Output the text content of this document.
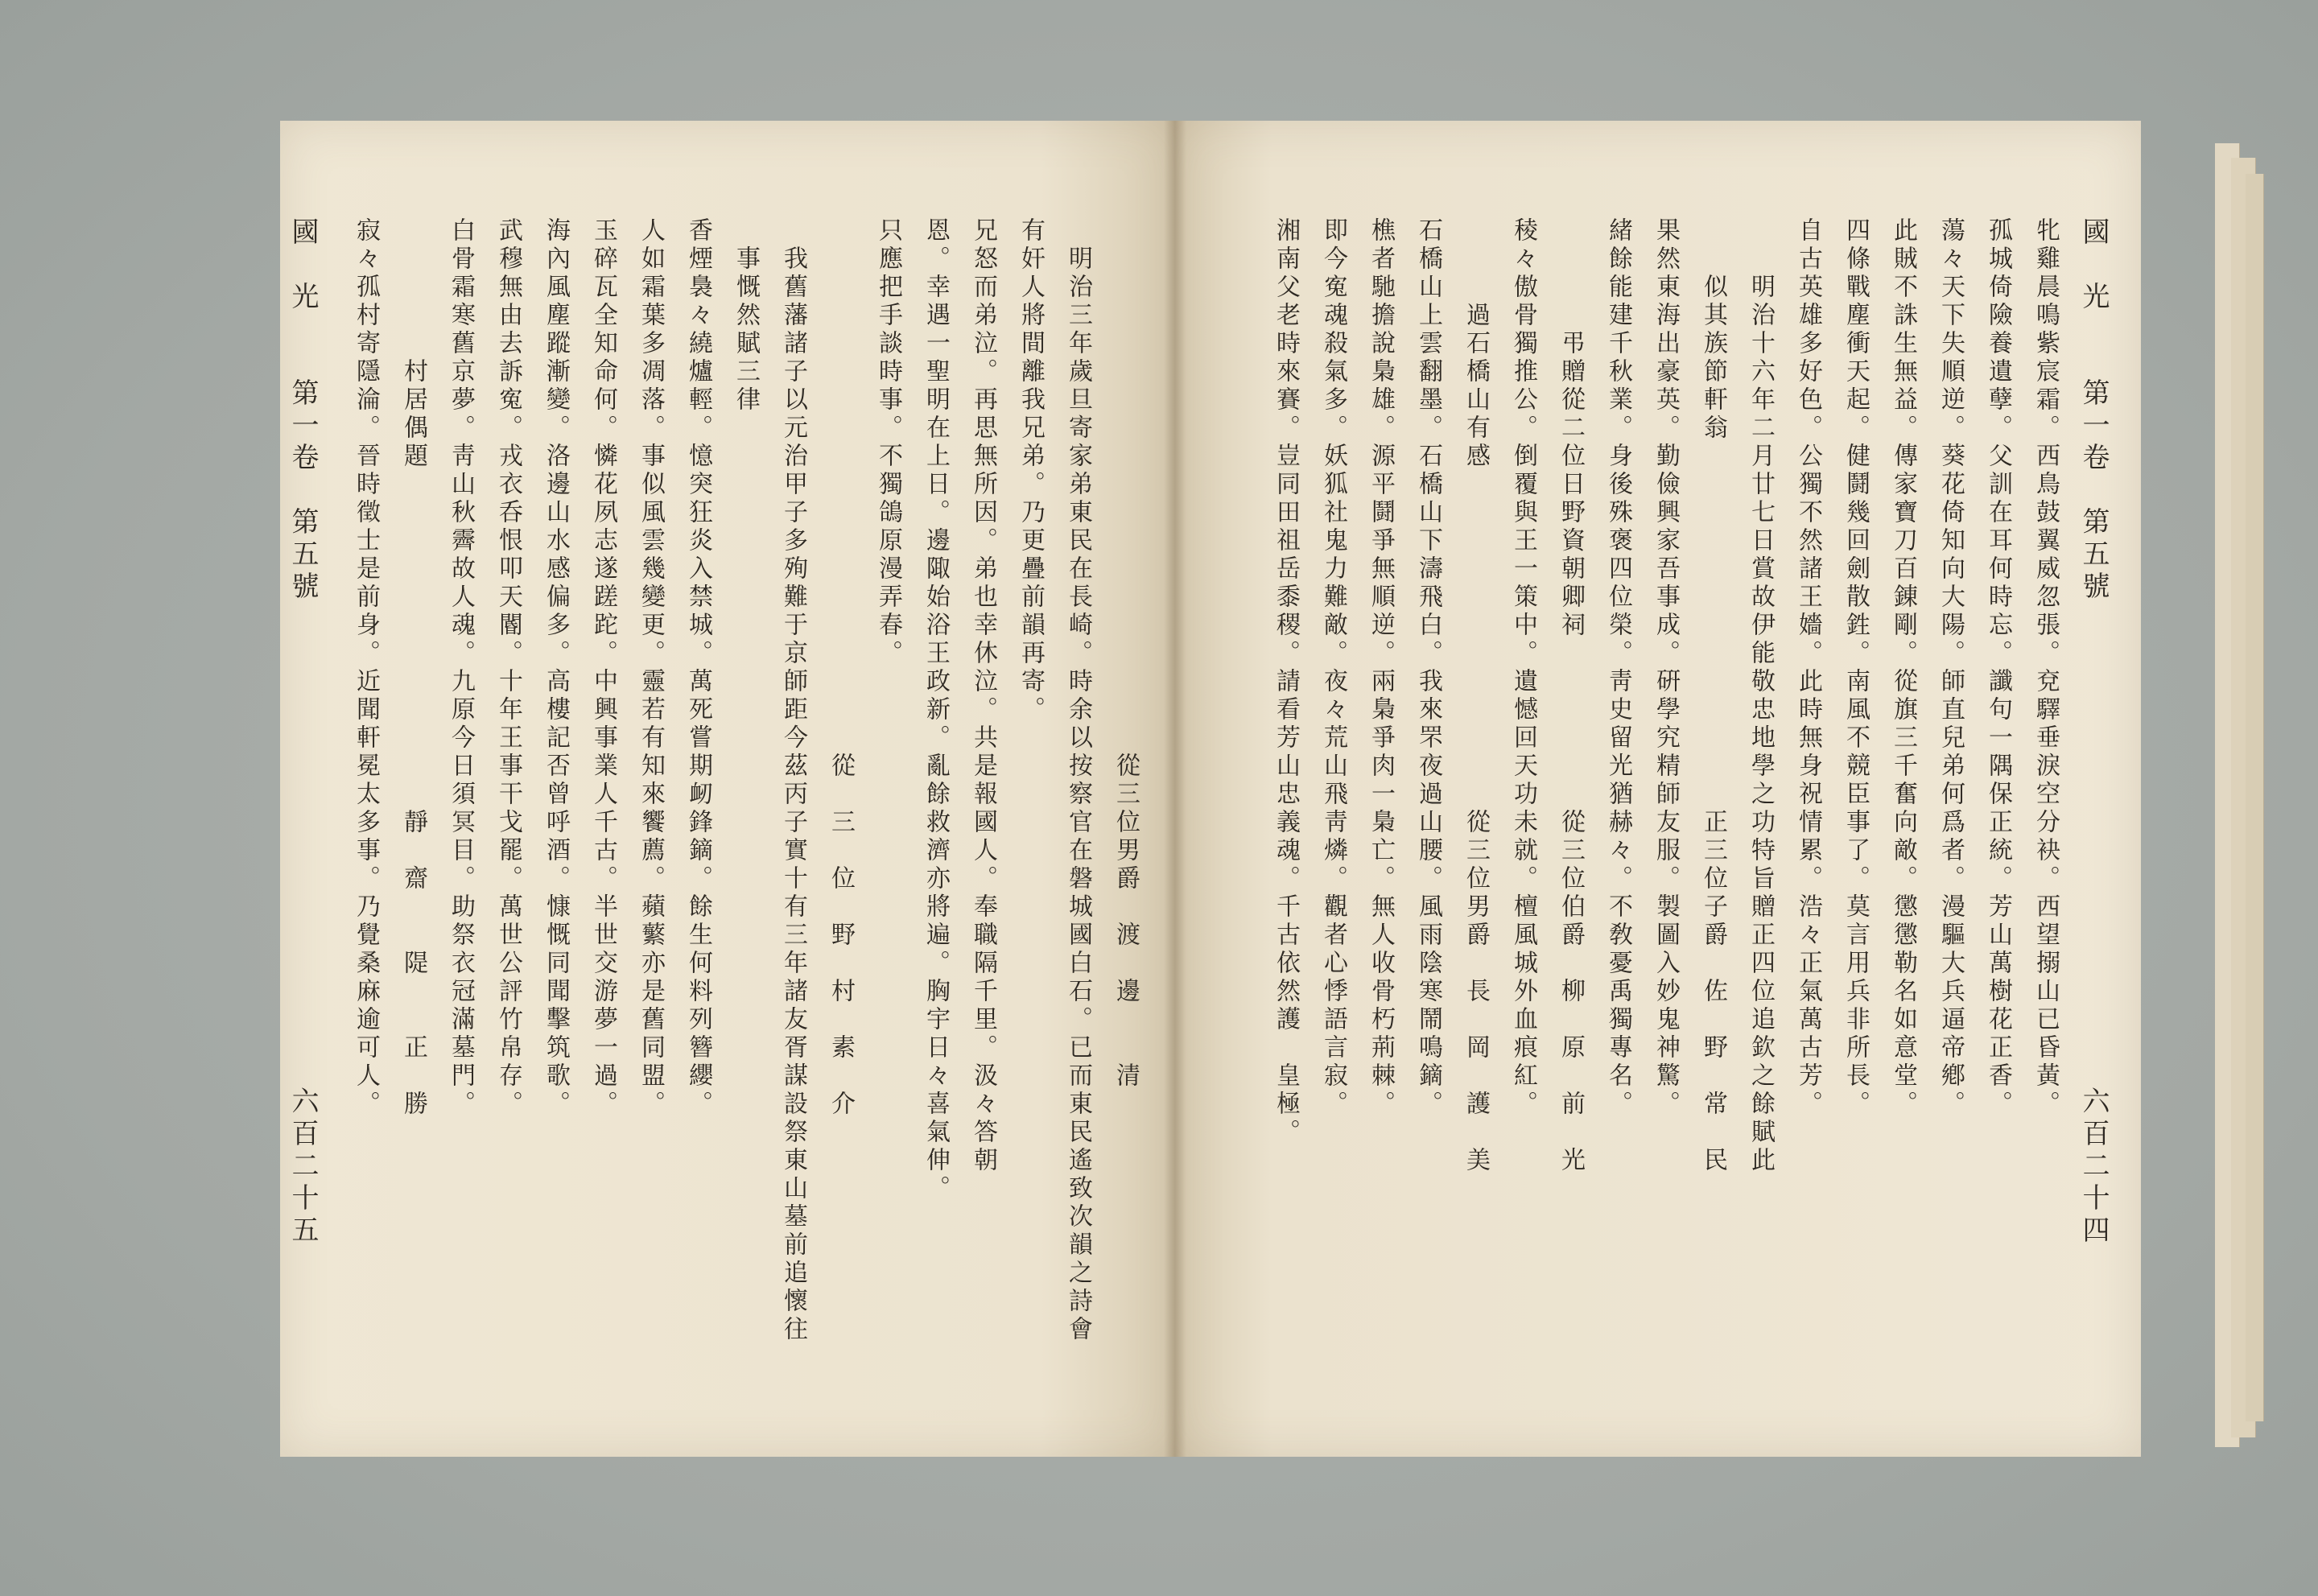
　　　　　　　　　　　　　　　　　　　從三位男爵　渡　邊　　清
　明治三年歲旦寄家弟東民在長崎。時余以按察官在磐城國白石。已而東民遙致次韻之詩會
有奸人將間離我兄弟。乃更疊前韻再寄。
兄怒而弟泣。再思無所因。弟也幸休泣。共是報國人。奉職隔千里。汲々答朝
恩。幸遇一聖明在上日。邊陬始浴王政新。亂餘救濟亦將遍。胸宇日々喜氣伸。
只應把手談時事。不獨鴿原漫弄春。
　　　　　　　　　　　　　　　　　　　從　三　位　野　村　素　介
　我舊藩諸子以元治甲子多殉難于京師距今茲丙子實十有三年諸友胥謀設祭東山墓前追懷往
　事慨然賦三律
香煙裊々繞爐輕。憶突狂炎入禁城。萬死嘗期衂鋒鏑。餘生何料列簪纓。
人如霜葉多凋落。事似風雲幾變更。靈若有知來饗薦。蘋蘩亦是舊同盟。
玉碎瓦全知命何。憐花夙志遂蹉跎。中興事業人千古。半世交游夢一過。
海內風塵蹤漸變。洛邊山水感偏多。高樓記否曾呼酒。慷慨同聞擊筑歌。
武穆無由去訴寃。戎衣呑恨叩天閽。十年王事干戈罷。萬世公評竹帛存。
白骨霜寒舊京夢。靑山秋霽故人魂。九原今日須冥目。助祭衣冠滿墓門。
　　　　　村居偶題　　　　　　　　　　　　靜　齋　　隄　　正　勝
寂々孤村寄隱淪。晉時徵士是前身。近聞軒冕太多事。乃覺桑麻逾可人。
國　光　　第一卷　第五號　　　　　　　　　　　　　　　六百二十五	國　光　　第一卷　第五號　　　　　　　　　　　　　　　六百二十四
牝雞晨鳴紫宸霜。西鳥鼓翼威忽張。兗驛垂淚空分袂。西望搦山已昏黃。
孤城倚險養遺孽。父訓在耳何時忘。讖句一隅保正統。芳山萬樹花正香。
蕩々天下失順逆。葵花倚知向大陽。師直兒弟何爲者。漫驅大兵逼帝鄕。
此賊不誅生無益。傳家寶刀百錬剛。從旗三千奮向敵。懲懲勒名如意堂。
四條戰塵衝天起。健鬪幾回劍散鉎。南風不競臣事了。莫言用兵非所長。
自古英雄多好色。公獨不然諸王嬙。此時無身祝情累。浩々正氣萬古芳。
　　明治十六年二月廿七日賞故伊能敬忠地學之功特旨贈正四位追欽之餘賦此
　　似其族節軒翁　　　　　　　　　　　　　正三位子爵　佐　野　常　民
果然東海出豪英。勤儉興家吾事成。硏學究精師友服。製圖入妙鬼神驚。
緒餘能建千秋業。身後殊褒四位榮。靑史留光猶赫々。不敎憂禹獨專名。
　　　　弔贈從二位日野資朝卿祠　　　　　　從三位伯爵　柳　原　前　光
稜々傲骨獨推公。倒覆與王一策中。遺憾回天功未就。檀風城外血痕紅。
　　　過石橋山有感　　　　　　　　　　　　從三位男爵　長　岡　護　美
石橋山上雲翻墨。石橋山下濤飛白。我來罘夜過山腰。風雨陰寒鬧鳴鏑。
樵者馳擔說梟雄。源平鬪爭無順逆。兩梟爭肉一梟亡。無人收骨朽荊棘。
即今寃魂殺氣多。妖狐社鬼力難敵。夜々荒山飛靑燐。觀者心悸語言寂。
湘南父老時來賽。豈同田祖岳黍稷。請看芳山忠義魂。千古依然護　皇極。
